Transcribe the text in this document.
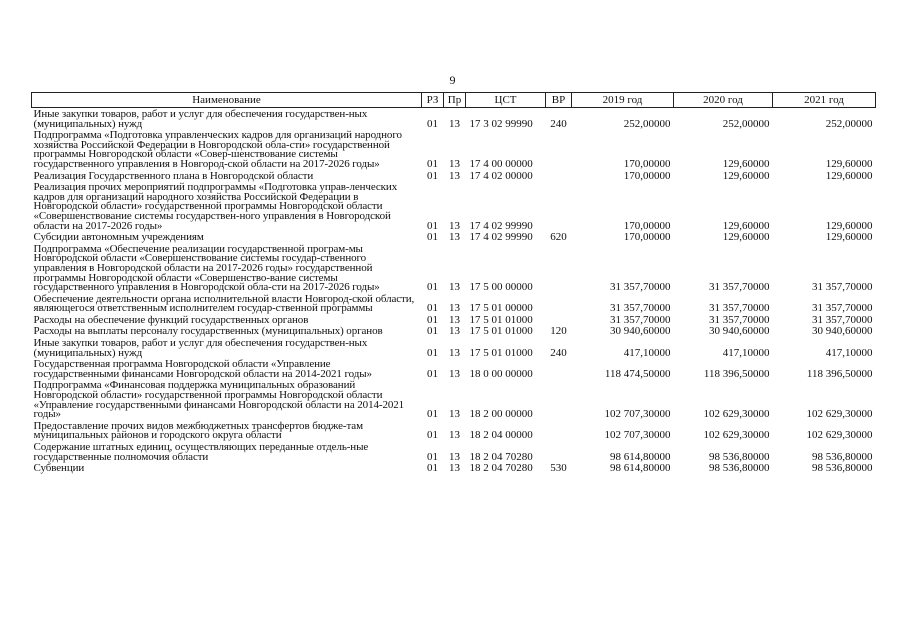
9
Наименование	РЗ	Пр	ЦСТ	ВР	2019 год	2020 год	2021 год
Иные закупки товаров, работ и услуг для обеспечения государствен-ных (муниципальных) нужд	01	13	17 3 02 99990	240	252,00000	252,00000	252,00000
Подпрограмма «Подготовка управленческих кадров для организаций народного хозяйства Российской Федерации в Новгородской обла-сти» государственной программы Новгородской области «Совер-шенствование системы государственного управления в Новгород-ской области на 2017-2026 годы»	01	13	17 4 00 00000		170,00000	129,60000	129,60000
Реализация Государственного плана в Новгородской области	01	13	17 4 02 00000		170,00000	129,60000	129,60000
Реализация прочих мероприятий подпрограммы «Подготовка управ-ленческих кадров для организаций народного хозяйства Российской Федерации в Новгородской области» государственной программы Новгородской области «Совершенствование системы государствен-ного управления в Новгородской области на 2017-2026 годы»	01	13	17 4 02 99990		170,00000	129,60000	129,60000
Субсидии автономным учреждениям	01	13	17 4 02 99990	620	170,00000	129,60000	129,60000
Подпрограмма «Обеспечение реализации государственной програм-мы Новгородской области «Совершенствование системы государ-ственного управления в Новгородской области на 2017-2026 годы» государственной программы Новгородской области «Совершенство-вание системы государственного управления в Новгородской обла-сти на 2017-2026 годы»	01	13	17 5 00 00000		31 357,70000	31 357,70000	31 357,70000
Обеспечение деятельности органа исполнительной власти Новгород-ской области, являющегося ответственным исполнителем государ-ственной программы	01	13	17 5 01 00000		31 357,70000	31 357,70000	31 357,70000
Расходы на обеспечение функций государственных органов	01	13	17 5 01 01000		31 357,70000	31 357,70000	31 357,70000
Расходы на выплаты персоналу государственных (муниципальных) органов	01	13	17 5 01 01000	120	30 940,60000	30 940,60000	30 940,60000
Иные закупки товаров, работ и услуг для обеспечения государствен-ных (муниципальных) нужд	01	13	17 5 01 01000	240	417,10000	417,10000	417,10000
Государственная программа Новгородской области «Управление государственными финансами Новгородской области на 2014-2021 годы»	01	13	18 0 00 00000		118 474,50000	118 396,50000	118 396,50000
Подпрограмма «Финансовая поддержка муниципальных образований Новгородской области» государственной программы Новгородской области «Управление государственными финансами Новгородской области на 2014-2021 годы»	01	13	18 2 00 00000		102 707,30000	102 629,30000	102 629,30000
Предоставление прочих видов межбюджетных трансфертов бюдже-там муниципальных районов и городского округа области	01	13	18 2 04 00000		102 707,30000	102 629,30000	102 629,30000
Содержание штатных единиц, осуществляющих переданные отдель-ные государственные полномочия области	01	13	18 2 04 70280		98 614,80000	98 536,80000	98 536,80000
Субвенции	01	13	18 2 04 70280	530	98 614,80000	98 536,80000	98 536,80000
